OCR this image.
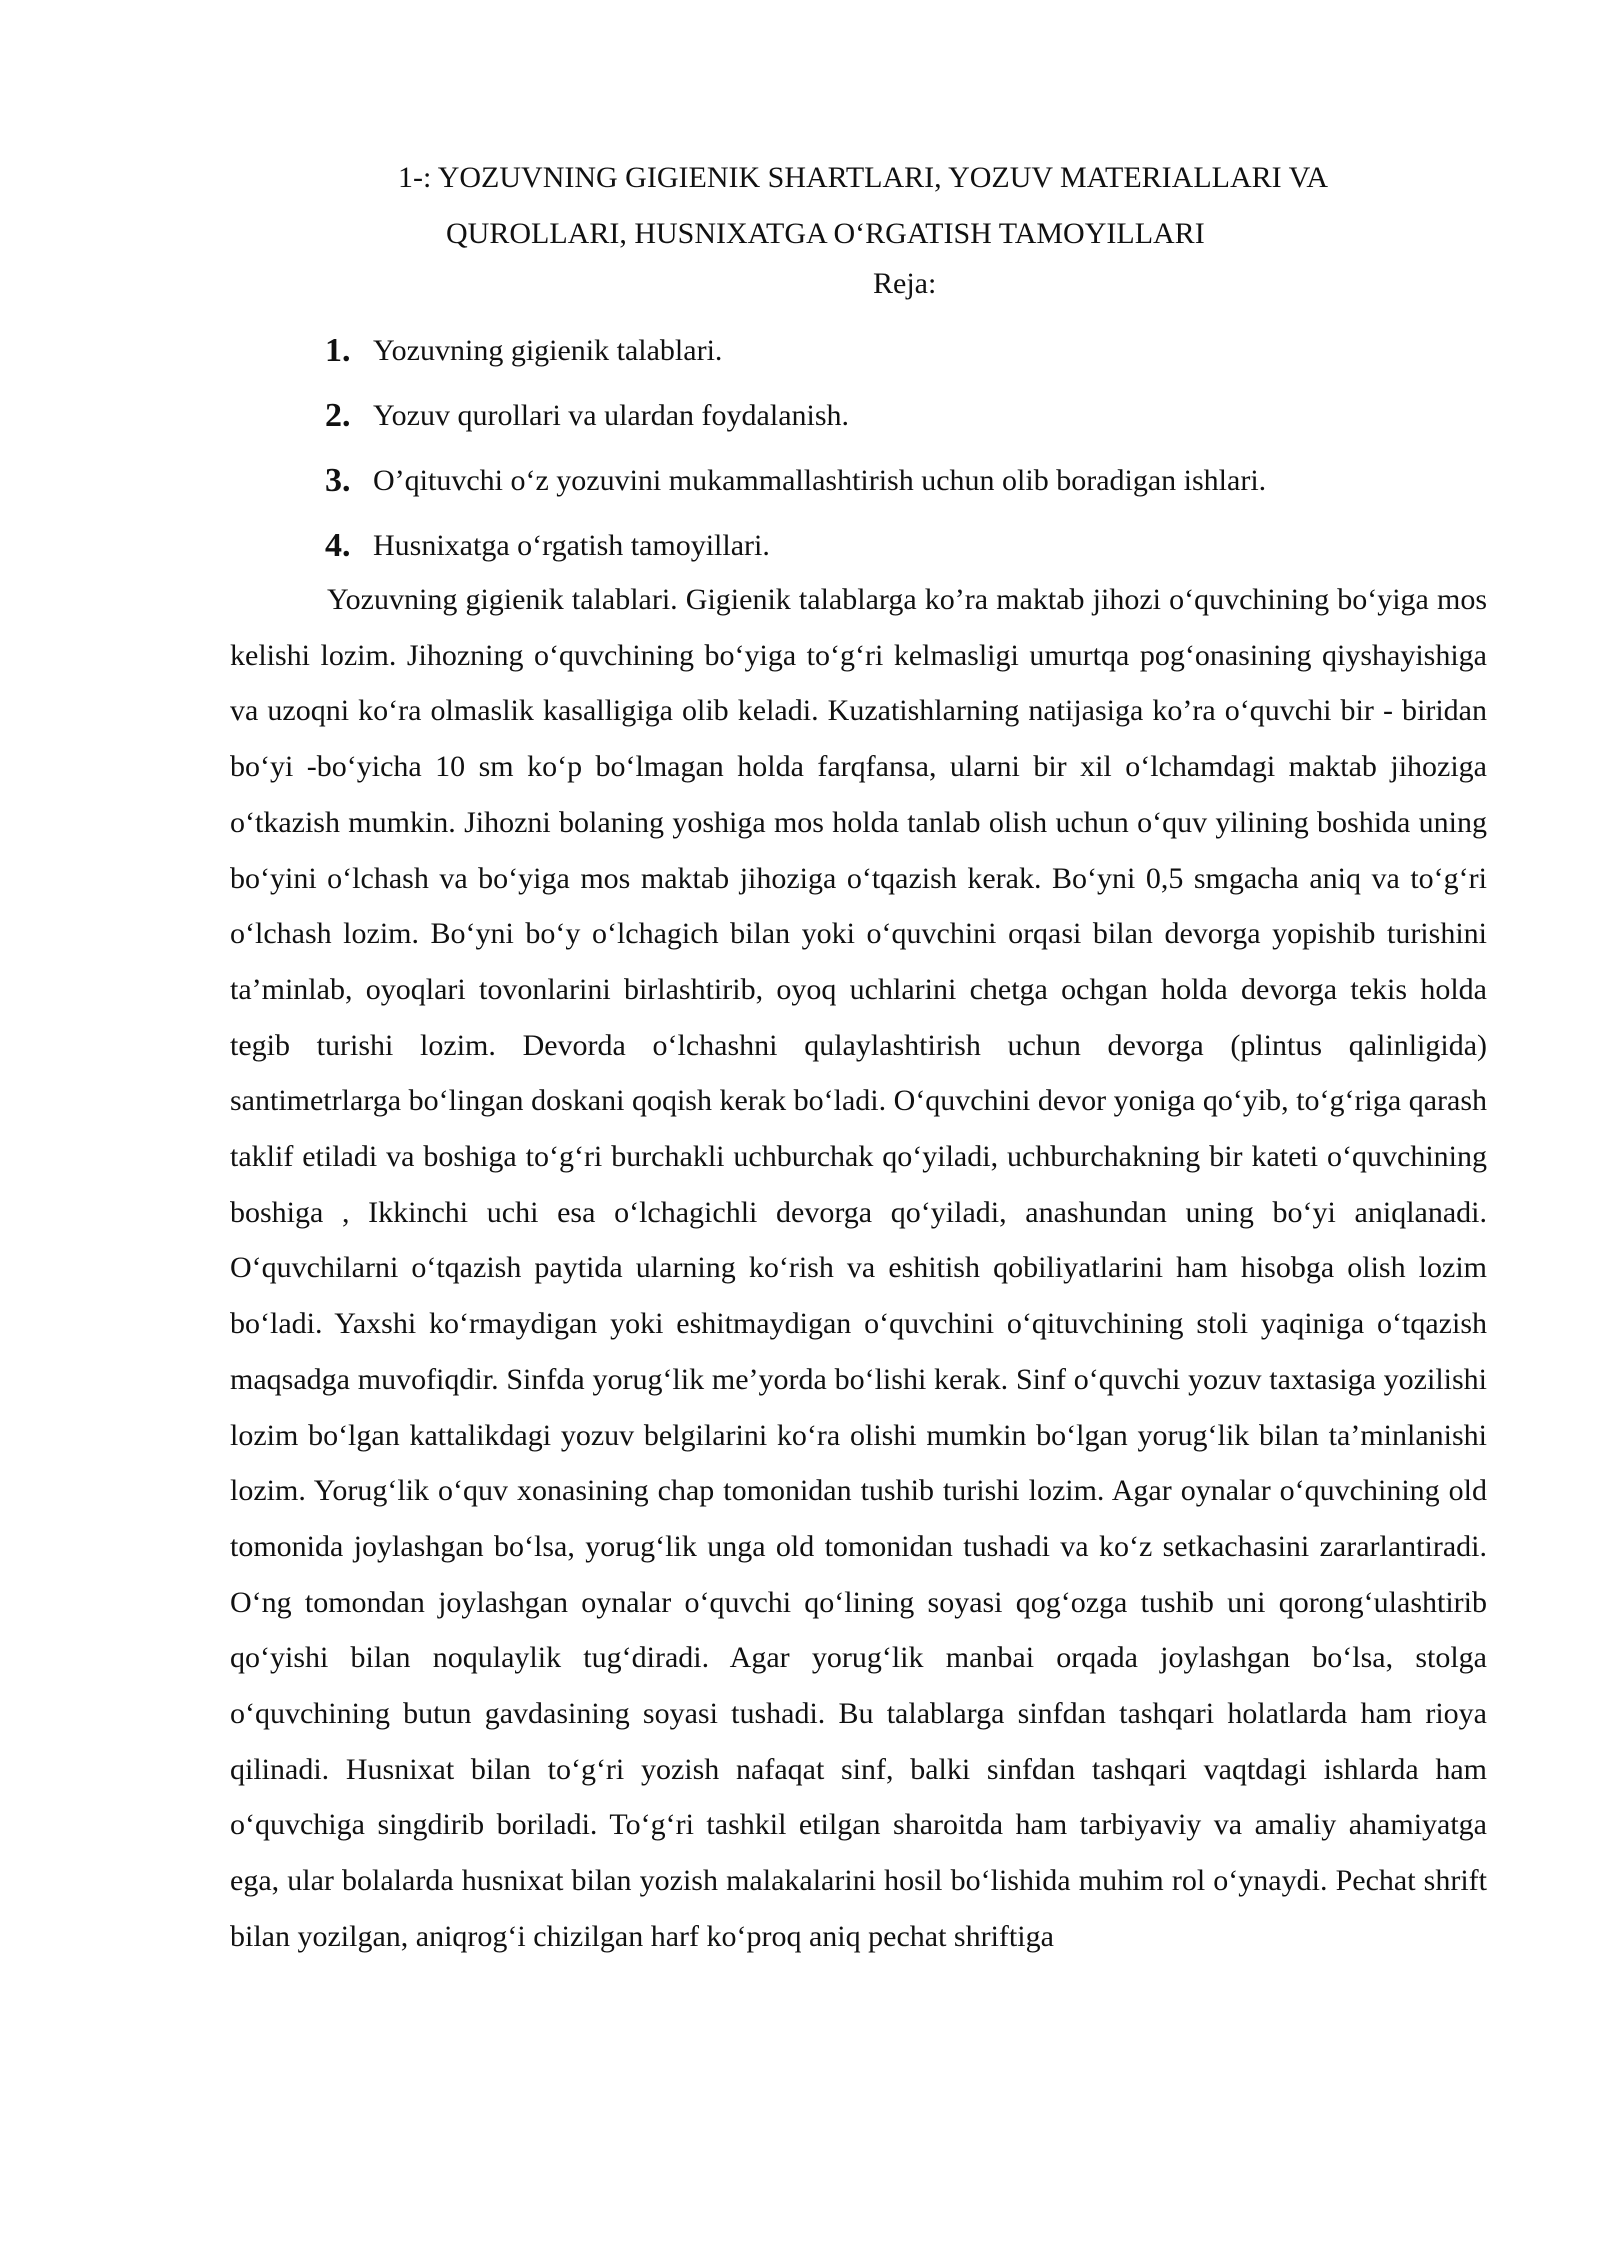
1-: YOZUVNING GIGIENIK SHARTLARI, YOZUV MATERIALLARI VA
QUROLLARI, HUSNIXATGA O‘RGATISH TAMOYILLARI
Reja:
1. Yozuvning gigienik talablari.
2. Yozuv qurollari va ulardan foydalanish.
3. O’qituvchi o‘z yozuvini mukammallashtirish uchun olib boradigan ishlari.
4. Husnixatga o‘rgatish tamoyillari.

Yozuvning gigienik talablari. Gigienik talablarga ko’ra maktab jihozi o‘quvchining bo‘yiga mos kelishi lozim. Jihozning o‘quvchining bo‘yiga to‘g‘ri kelmasligi umurtqa pog‘onasining qiyshayishiga va uzoqni ko‘ra olmaslik kasalligiga olib keladi. Kuzatishlarning natijasiga ko’ra o‘quvchi bir - biridan bo‘yi -bo‘yicha 10 sm ko‘p bo‘lmagan holda farqfansa, ularni bir xil o‘lchamdagi maktab jihoziga o‘tkazish mumkin. Jihozni bolaning yoshiga mos holda tanlab olish uchun o‘quv yilining boshida uning bo‘yini o‘lchash va bo‘yiga mos maktab jihoziga o‘tqazish kerak. Bo‘yni 0,5 smgacha aniq va to‘g‘ri o‘lchash lozim. Bo‘yni bo‘y o‘lchagich bilan yoki o‘quvchini orqasi bilan devorga yopishib turishini ta’minlab, oyoqlari tovonlarini birlashtirib, oyoq uchlarini chetga ochgan holda devorga tekis holda tegib turishi lozim. Devorda o‘lchashni qulaylashtirish uchun devorga (plintus qalinligida) santimetrlarga bo‘lingan doskani qoqish kerak bo‘ladi. O‘quvchini devor yoniga qo‘yib, to‘g‘riga qarash taklif etiladi va boshiga to‘g‘ri burchakli uchburchak qo‘yiladi, uchburchakning bir kateti o‘quvchining boshiga , Ikkinchi uchi esa o‘lchagichli devorga qo‘yiladi, anashundan uning bo‘yi aniqlanadi. O‘quvchilarni o‘tqazish paytida ularning ko‘rish va eshitish qobiliyatlarini ham hisobga olish lozim bo‘ladi. Yaxshi ko‘rmaydigan yoki eshitmaydigan o‘quvchini o‘qituvchining stoli yaqiniga o‘tqazish maqsadga muvofiqdir. Sinfda yorug‘lik me’yorda bo‘lishi kerak. Sinf o‘quvchi yozuv taxtasiga yozilishi lozim bo‘lgan kattalikdagi yozuv belgilarini ko‘ra olishi mumkin bo‘lgan yorug‘lik bilan ta’minlanishi lozim. Yorug‘lik o‘quv xonasining chap tomonidan tushib turishi lozim. Agar oynalar o‘quvchining old tomonida joylashgan bo‘lsa, yorug‘lik unga old tomonidan tushadi va ko‘z setkachasini zararlantiradi. O‘ng tomondan joylashgan oynalar o‘quvchi qo‘lining soyasi qog‘ozga tushib uni qorong‘ulashtirib qo‘yishi bilan noqulaylik tug‘diradi. Agar yorug‘lik manbai orqada joylashgan bo‘lsa, stolga o‘quvchining butun gavdasining soyasi tushadi. Bu talablarga sinfdan tashqari holatlarda ham rioya qilinadi. Husnixat bilan to‘g‘ri yozish nafaqat sinf, balki sinfdan tashqari vaqtdagi ishlarda ham o‘quvchiga singdirib boriladi. To‘g‘ri tashkil etilgan sharoitda ham tarbiyaviy va amaliy ahamiyatga ega, ular bolalarda husnixat bilan yozish malakalarini hosil bo‘lishida muhim rol o‘ynaydi. Pechat shrift bilan yozilgan, aniqrog‘i chizilgan harf ko‘proq aniq pechat shriftiga
